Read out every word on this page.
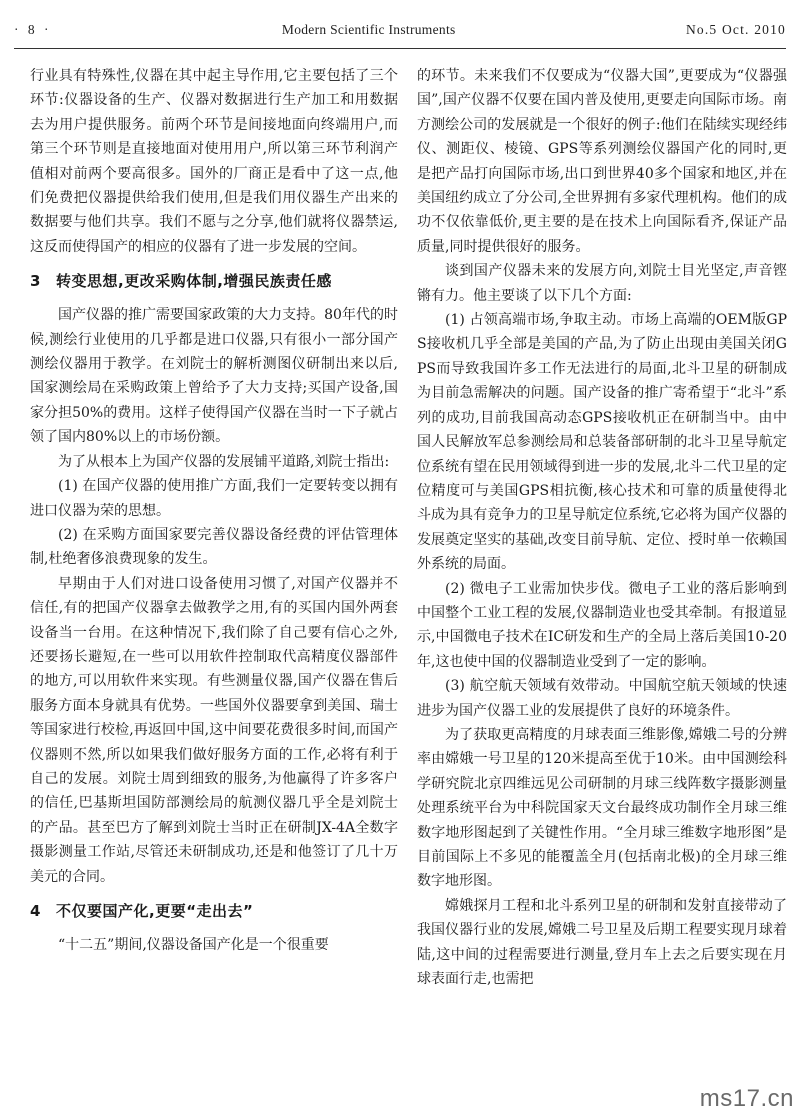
· 8 ·	Modern Scientific Instruments	No.5 Oct. 2010

行业具有特殊性,仪器在其中起主导作用,它主要包括了三个环节:仪器设备的生产、仪器对数据进行生产加工和用数据去为用户提供服务。前两个环节是间接地面向终端用户,而第三个环节则是直接地面对使用用户,所以第三环节利润产值相对前两个要高很多。国外的厂商正是看中了这一点,他们免费把仪器提供给我们使用,但是我们用仪器生产出来的数据要与他们共享。我们不愿与之分享,他们就将仪器禁运,这反而使得国产的相应的仪器有了进一步发展的空间。

3 转变思想,更改采购体制,增强民族责任感

国产仪器的推广需要国家政策的大力支持。80年代的时候,测绘行业使用的几乎都是进口仪器,只有很小一部分国产测绘仪器用于教学。在刘院士的解析测图仪研制出来以后,国家测绘局在采购政策上曾给予了大力支持;买国产设备,国家分担50%的费用。这样子使得国产仪器在当时一下子就占领了国内80%以上的市场份额。

为了从根本上为国产仪器的发展铺平道路,刘院士指出:

(1) 在国产仪器的使用推广方面,我们一定要转变以拥有进口仪器为荣的思想。

(2) 在采购方面国家要完善仪器设备经费的评估管理体制,杜绝奢侈浪费现象的发生。

早期由于人们对进口设备使用习惯了,对国产仪器并不信任,有的把国产仪器拿去做教学之用,有的买国内国外两套设备当一台用。在这种情况下,我们除了自己要有信心之外,还要扬长避短,在一些可以用软件控制取代高精度仪器部件的地方,可以用软件来实现。有些测量仪器,国产仪器在售后服务方面本身就具有优势。一些国外仪器要拿到美国、瑞士等国家进行校检,再返回中国,这中间要花费很多时间,而国产仪器则不然,所以如果我们做好服务方面的工作,必将有利于自己的发展。刘院士周到细致的服务,为他赢得了许多客户的信任,巴基斯坦国防部测绘局的航测仪器几乎全是刘院士的产品。甚至巴方了解到刘院士当时正在研制JX-4A全数字摄影测量工作站,尽管还未研制成功,还是和他签订了几十万美元的合同。

4 不仅要国产化,更要“走出去”

“十二五”期间,仪器设备国产化是一个很重要

的环节。未来我们不仅要成为“仪器大国”,更要成为“仪器强国”,国产仪器不仅要在国内普及使用,更要走向国际市场。南方测绘公司的发展就是一个很好的例子:他们在陆续实现经纬仪、测距仪、棱镜、GPS等系列测绘仪器国产化的同时,更是把产品打向国际市场,出口到世界40多个国家和地区,并在美国纽约成立了分公司,全世界拥有多家代理机构。他们的成功不仅依靠低价,更主要的是在技术上向国际看齐,保证产品质量,同时提供很好的服务。

谈到国产仪器未来的发展方向,刘院士目光坚定,声音铿锵有力。他主要谈了以下几个方面:

(1) 占领高端市场,争取主动。市场上高端的OEM版GPS接收机几乎全部是美国的产品,为了防止出现由美国关闭GPS而导致我国许多工作无法进行的局面,北斗卫星的研制成为目前急需解决的问题。国产设备的推广寄希望于“北斗”系列的成功,目前我国高动态GPS接收机正在研制当中。由中国人民解放军总参测绘局和总装备部研制的北斗卫星导航定位系统有望在民用领域得到进一步的发展,北斗二代卫星的定位精度可与美国GPS相抗衡,核心技术和可靠的质量使得北斗成为具有竞争力的卫星导航定位系统,它必将为国产仪器的发展奠定坚实的基础,改变目前导航、定位、授时单一依赖国外系统的局面。

(2) 微电子工业需加快步伐。微电子工业的落后影响到中国整个工业工程的发展,仪器制造业也受其牵制。有报道显示,中国微电子技术在IC研发和生产的全局上落后美国10-20年,这也使中国的仪器制造业受到了一定的影响。

(3) 航空航天领域有效带动。中国航空航天领域的快速进步为国产仪器工业的发展提供了良好的环境条件。

为了获取更高精度的月球表面三维影像,嫦娥二号的分辨率由嫦娥一号卫星的120米提高至优于10米。由中国测绘科学研究院北京四维远见公司研制的月球三线阵数字摄影测量处理系统平台为中科院国家天文台最终成功制作全月球三维数字地形图起到了关键性作用。“全月球三维数字地形图”是目前国际上不多见的能覆盖全月(包括南北极)的全月球三维数字地形图。

嫦娥探月工程和北斗系列卫星的研制和发射直接带动了我国仪器行业的发展,嫦娥二号卫星及后期工程要实现月球着陆,这中间的过程需要进行测量,登月车上去之后要实现在月球表面行走,也需把

ms17.cn
